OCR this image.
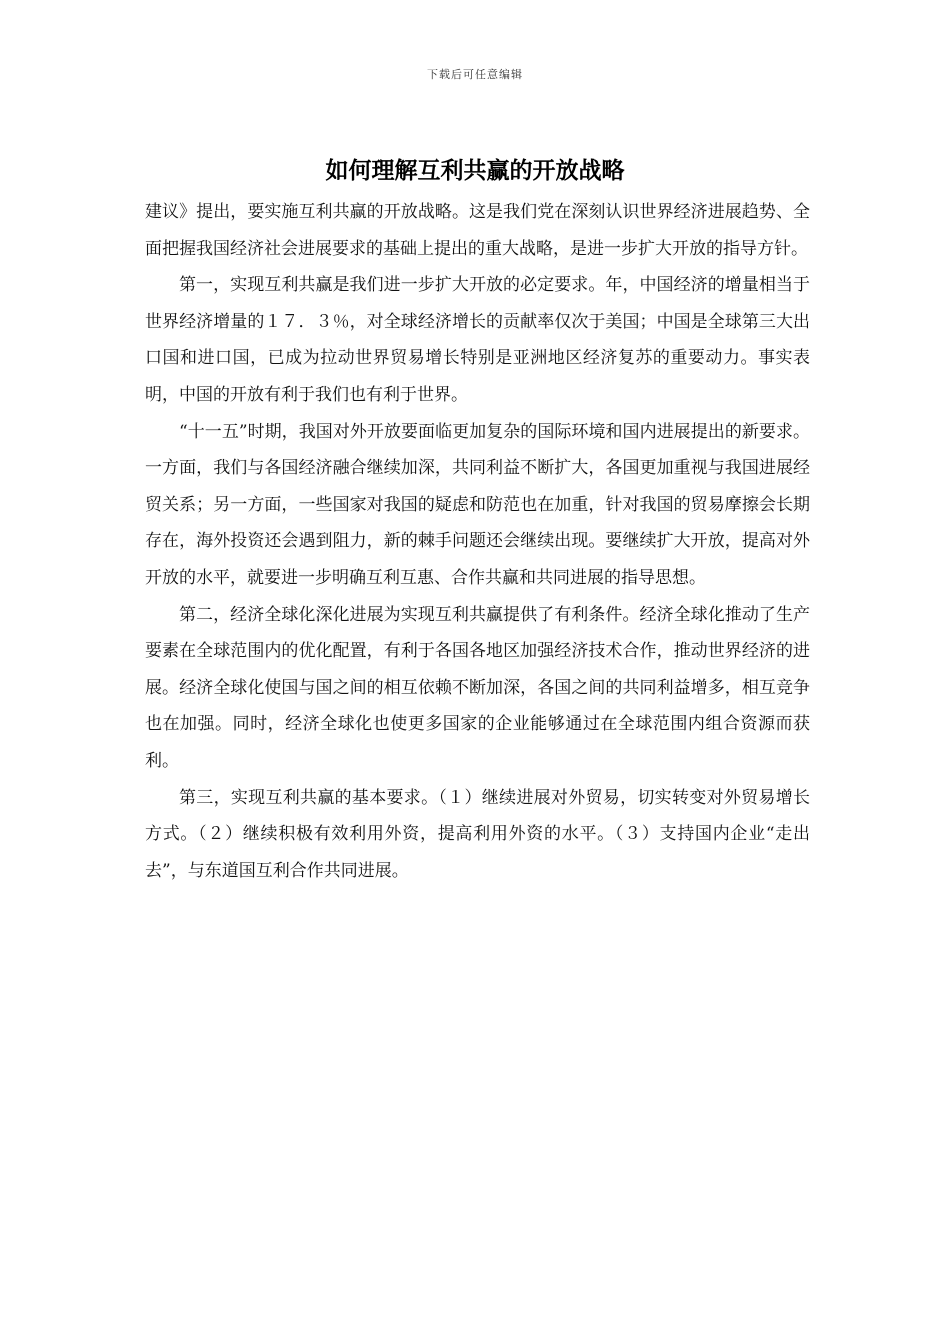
下载后可任意编辑
如何理解互利共赢的开放战略

建议》提出，要实施互利共赢的开放战略。这是我们党在深刻认识世界经济进展趋势、全面把握我国经济社会进展要求的基础上提出的重大战略，是进一步扩大开放的指导方针。

第一，实现互利共赢是我们进一步扩大开放的必定要求。年，中国经济的增量相当于世界经济增量的１７．３％，对全球经济增长的贡献率仅次于美国；中国是全球第三大出口国和进口国，已成为拉动世界贸易增长特别是亚洲地区经济复苏的重要动力。事实表明，中国的开放有利于我们也有利于世界。

“十一五”时期，我国对外开放要面临更加复杂的国际环境和国内进展提出的新要求。一方面，我们与各国经济融合继续加深，共同利益不断扩大，各国更加重视与我国进展经贸关系；另一方面，一些国家对我国的疑虑和防范也在加重，针对我国的贸易摩擦会长期存在，海外投资还会遇到阻力，新的棘手问题还会继续出现。要继续扩大开放，提高对外开放的水平，就要进一步明确互利互惠、合作共赢和共同进展的指导思想。

第二，经济全球化深化进展为实现互利共赢提供了有利条件。经济全球化推动了生产要素在全球范围内的优化配置，有利于各国各地区加强经济技术合作，推动世界经济的进展。经济全球化使国与国之间的相互依赖不断加深，各国之间的共同利益增多，相互竞争也在加强。同时，经济全球化也使更多国家的企业能够通过在全球范围内组合资源而获利。

第三，实现互利共赢的基本要求。（１）继续进展对外贸易，切实转变对外贸易增长方式。（２）继续积极有效利用外资，提高利用外资的水平。（３）支持国内企业“走出去”，与东道国互利合作共同进展。
